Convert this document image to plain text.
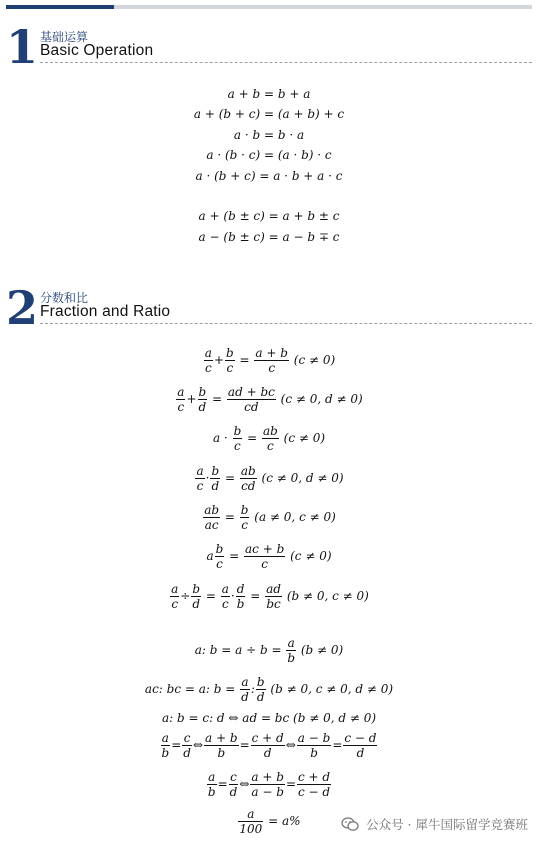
1 基础运算
Basic Operation
a + b = b + a
a + (b + c) = (a + b) + c
a · b = b · a
a · (b · c) = (a · b) · c
a · (b + c) = a · b + a · c
a + (b ± c) = a + b ± c
a − (b ± c) = a − b ∓ c
2 分数和比
Fraction and Ratio
$\frac{a}{c} + \frac{b}{c} = \frac{a + b}{c} (c \ne 0)$
$\frac{a}{c} + \frac{b}{d} = \frac{ad + bc}{cd} (c \ne 0$, d ≠ 0)
$a \cdot \frac{b}{c} = \frac{ab}{c} (c \ne 0)$
$\frac{a}{c} \cdot \frac{b}{d} = \frac{ab}{cd} (c \ne 0$, d ≠ 0)
$\frac{ab}{ac} = \frac{b}{c} (a \ne 0$, c ≠ 0)
a $\frac{b}{c} = \frac{ac + b}{c} (c \ne 0)$
$\frac{a}{c} \div \frac{b}{d} = \frac{a}{c} \cdot \frac{d}{b} = \frac{ad}{bc} (b \ne 0$, c ≠ 0)
a: $b = a \div b = \frac{a}{b} (b \ne 0)$
ac: bc = a: $b = \frac{a}{d}$ : $\frac{b}{d} (b \ne 0$, c ≠ 0, d ≠ 0)
a: b = c: d ⇔ ad = bc (b ≠ 0, d ≠ 0)
$\frac{a}{b} = \frac{c}{d}$ ⇔ $\frac{a + b}{b} = \frac{c + d}{d}$ ⇔ $\frac{a - b}{b} = \frac{c - d}{d}$
$\frac{a}{b} = \frac{c}{d}$ ⇔ $\frac{a + b}{a - b} = \frac{c + d}{c - d}$
$\frac{a}{100} = a\%$	公众号 · 犀牛国际留学竞赛班
